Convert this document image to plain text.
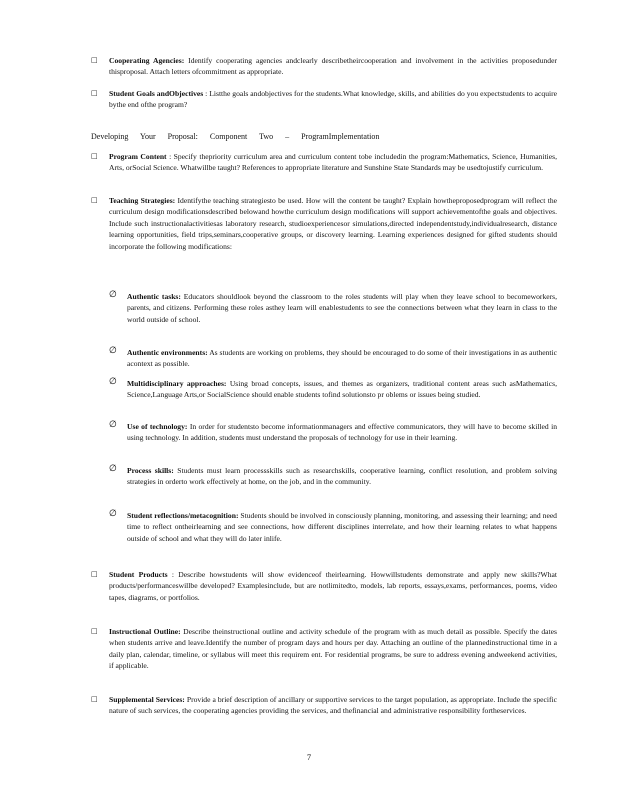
□	Cooperating Agencies: Identify cooperating agencies andclearly describetheircooperation and involvement in the activities proposedunder thisproposal. Attach letters ofcommitment as appropriate.
□	Student Goals andObjectives : Listthe goals andobjectives for the students.What knowledge, skills, and abilities do you expectstudents to acquire bythe end ofthe program?
Developing Your Proposal: Component Two – ProgramImplementation
□	Program Content : Specify thepriority curriculum area and curriculum content tobe includedin the program:Mathematics, Science, Humanities, Arts, orSocial Science. Whatwillbe taught? References to appropriate literature and Sunshine State Standards may be usedtojustify curriculum.
□	Teaching Strategies: Identifythe teaching strategiesto be used. How will the content be taught? Explain howtheproposedprogram will reflect the curriculum design modificationsdescribed belowand howthe curriculum design modifications will support achievementofthe goals and objectives. Include such instructionalactivitiesas laboratory research, studioexperiencesor simulations,directed independentstudy,individualresearch, distance learning opportunities, field trips,seminars,cooperative groups, or discovery learning. Learning experiences designed for gifted students should incorporate the following modifications:
∅	Authentic tasks: Educators shouldlook beyond the classroom to the roles students will play when they leave school to becomeworkers, parents, and citizens. Performing these roles asthey learn will enablestudents to see the connections between what they learn in class to the world outside of school.
∅	Authentic environments: As students are working on problems, they should be encouraged to do some of their investigations in as authentic acontext as possible.
∅	Multidisciplinary approaches: Using broad concepts, issues, and themes as organizers, traditional content areas such asMathematics, Science,Language Arts,or SocialScience should enable students tofind solutionsto pr oblems or issues being studied.
∅	Use of technology: In order for studentsto become informationmanagers and effective communicators, they will have to become skilled in using technology. In addition, students must understand the proposals of technology for use in their learning.
∅	Process skills: Students must learn processskills such as researchskills, cooperative learning, conflict resolution, and problem solving strategies in orderto work effectively at home, on the job, and in the community.
∅	Student reflections/metacognition: Students should be involved in consciously planning, monitoring, and assessing their learning; and need time to reflect ontheirlearning and see connections, how different disciplines interrelate, and how their learning relates to what happens outside of school and what they will do later inlife.
□	Student Products : Describe howstudents will show evidenceof theirlearning. Howwillstudents demonstrate and apply new skills?What products/performanceswillbe developed? Examplesinclude, but are notlimitedto, models, lab reports, essays,exams, performances, poems, video tapes, diagrams, or portfolios.
□	Instructional Outline: Describe theinstructional outline and activity schedule of the program with as much detail as possible. Specify the dates when students arrive and leave.Identify the number of program days and hours per day. Attaching an outline of the plannedinstructional time in a daily plan, calendar, timeline, or syllabus will meet this requirem ent. For residential programs, be sure to address evening andweekend activities, if applicable.
□	Supplemental Services: Provide a brief description of ancillary or supportive services to the target population, as appropriate. Include the specific nature of such services, the cooperating agencies providing the services, and thefinancial and administrative responsibility fortheservices.
7
